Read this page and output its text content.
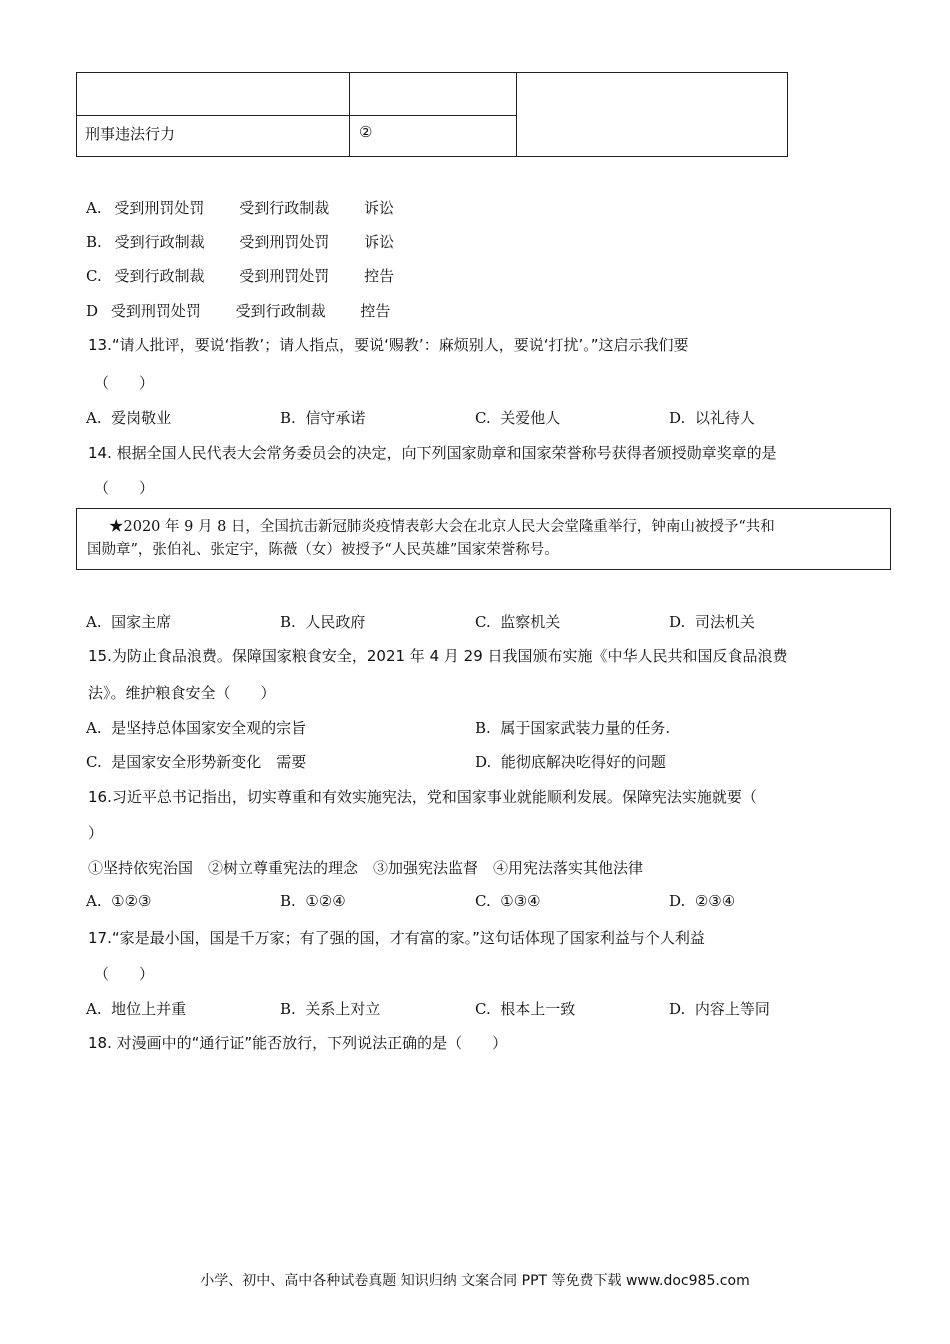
刑事违法行力	②
A. 受到刑罚处罚 受到行政制裁 诉讼
B. 受到行政制裁 受到刑罚处罚 诉讼
C. 受到行政制裁 受到刑罚处罚 控告
D 受到刑罚处罚 受到行政制裁 控告
13.“请人批评，要说‘指教’；请人指点，要说‘赐教’：麻烦别人，要说‘打扰’。”这启示我们要
（　　）
A. 爱岗敬业	B. 信守承诺	C. 关爱他人	D. 以礼待人
14. 根据全国人民代表大会常务委员会的决定，向下列国家勋章和国家荣誉称号获得者颁授勋章奖章的是
（　　）
★2020 年 9 月 8 日，全国抗击新冠肺炎疫情表彰大会在北京人民大会堂隆重举行，钟南山被授予“共和
国勋章”，张伯礼、张定宇，陈薇（女）被授予“人民英雄”国家荣誉称号。
A. 国家主席	B. 人民政府	C. 监察机关	D. 司法机关
15.为防止食品浪费。保障国家粮食安全，2021 年 4 月 29 日我国颁布实施《中华人民共和国反食品浪费
法》。维护粮食安全（　　）
A. 是坚持总体国家安全观的宗旨	B. 属于国家武装力量的任务.
C. 是国家安全形势新变化　需要	D. 能彻底解决吃得好的问题
16.习近平总书记指出，切实尊重和有效实施宪法，党和国家事业就能顺利发展。保障宪法实施就要（
）
①坚持依宪治国　②树立尊重宪法的理念　③加强宪法监督　④用宪法落实其他法律
A. ①②③	B. ①②④	C. ①③④	D. ②③④
17.“家是最小国，国是千万家；有了强的国，才有富的家。”这句话体现了国家利益与个人利益
（　　）
A. 地位上并重	B. 关系上对立	C. 根本上一致	D. 内容上等同
18. 对漫画中的“通行证”能否放行，下列说法正确的是（　　）
小学、初中、高中各种试卷真题 知识归纳 文案合同 PPT 等免费下载 www.doc985.com
